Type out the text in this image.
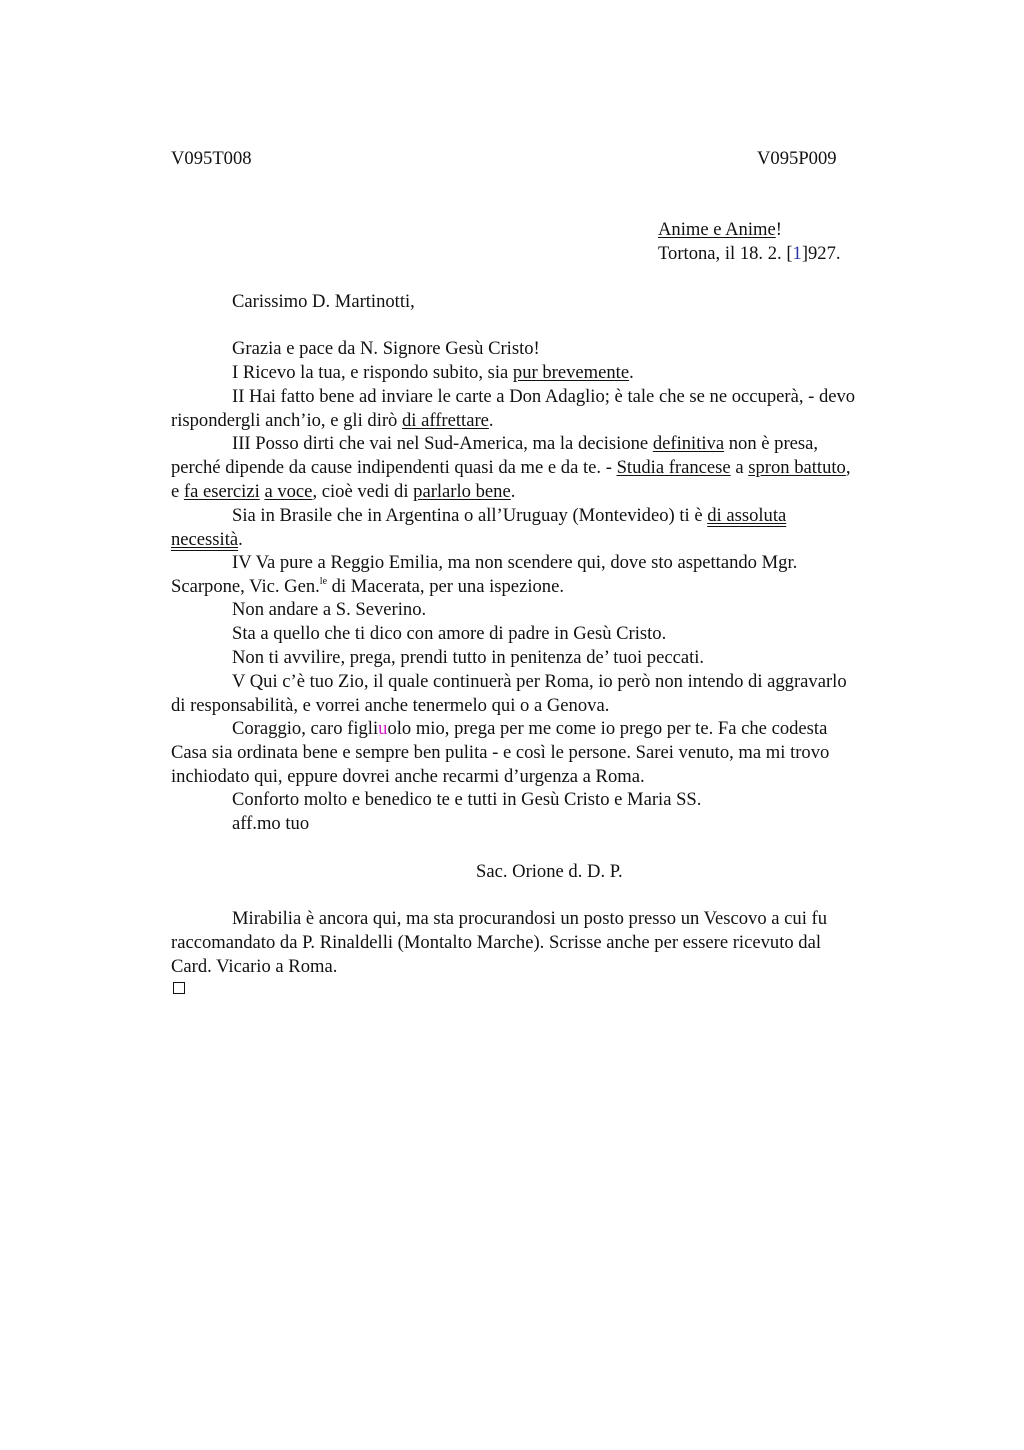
V095T008	V095P009
Anime e Anime!
Tortona, il 18. 2. [1]927.
Carissimo D. Martinotti,
Grazia e pace da N. Signore Gesù Cristo!
I Ricevo la tua, e rispondo subito, sia pur brevemente.
II Hai fatto bene ad inviare le carte a Don Adaglio; è tale che se ne occuperà, - devo
rispondergli anch’io, e gli dirò di affrettare.
III Posso dirti che vai nel Sud-America, ma la decisione definitiva non è presa,
perché dipende da cause indipendenti quasi da me e da te. - Studia francese a spron battuto,
e fa esercizi a voce, cioè vedi di parlarlo bene.
Sia in Brasile che in Argentina o all’Uruguay (Montevideo) ti è di assoluta
necessità.
IV Va pure a Reggio Emilia, ma non scendere qui, dove sto aspettando Mgr.
Scarpone, Vic. Gen.$^{le}$ di Macerata, per una ispezione.
Non andare a S. Severino.
Sta a quello che ti dico con amore di padre in Gesù Cristo.
Non ti avvilire, prega, prendi tutto in penitenza de’ tuoi peccati.
V Qui c’è tuo Zio, il quale continuerà per Roma, io però non intendo di aggravarlo
di responsabilità, e vorrei anche tenermelo qui o a Genova.
Coraggio, caro figliuolo mio, prega per me come io prego per te. Fa che codesta
Casa sia ordinata bene e sempre ben pulita - e così le persone. Sarei venuto, ma mi trovo
inchiodato qui, eppure dovrei anche recarmi d’urgenza a Roma.
Conforto molto e benedico te e tutti in Gesù Cristo e Maria SS.
aff.mo tuo
Sac. Orione d. D. P.
Mirabilia è ancora qui, ma sta procurandosi un posto presso un Vescovo a cui fu
raccomandato da P. Rinaldelli (Montalto Marche). Scrisse anche per essere ricevuto dal
Card. Vicario a Roma.
